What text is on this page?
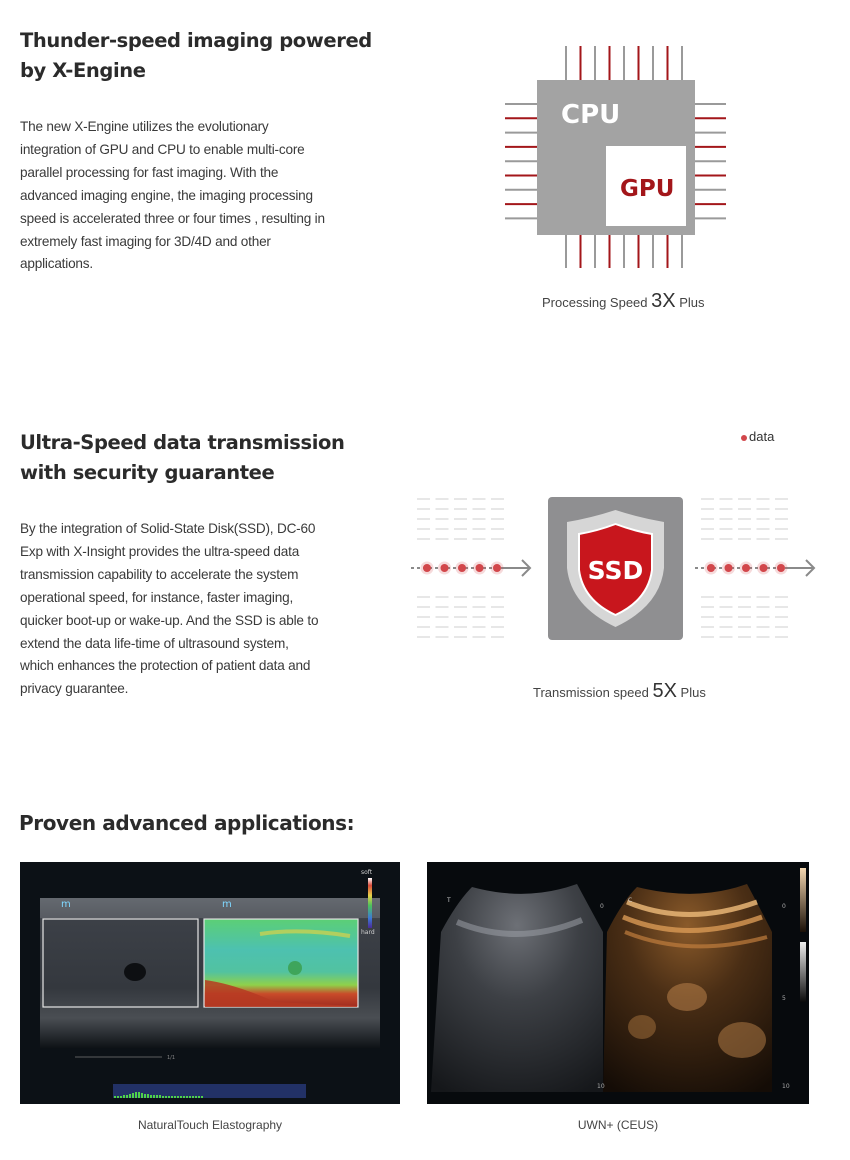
Thunder-speed imaging powered
by X-Engine
The new X-Engine utilizes the evolutionary
integration of GPU and CPU to enable multi-core
parallel processing for fast imaging. With the
advanced imaging engine, the imaging processing
speed is accelerated three or four times , resulting in
extremely fast imaging for 3D/4D and other
applications.
CPU
GPU
Processing Speed 3X Plus
Ultra-Speed data transmission
with security guarantee
By the integration of Solid-State Disk(SSD), DC-60
Exp with X-Insight provides the ultra-speed data
transmission capability to accelerate the system
operational speed, for instance, faster imaging,
quicker boot-up or wake-up. And the SSD is able to
extend the data life-time of ultrasound system,
which enhances the protection of patient data and
privacy guarantee.
data
SSD
Transmission speed 5X Plus
Proven advanced applications:
m	m
soft
hard
1/1
T	C
0	0
5
10	10
NaturalTouch Elastography	UWN+ (CEUS)
